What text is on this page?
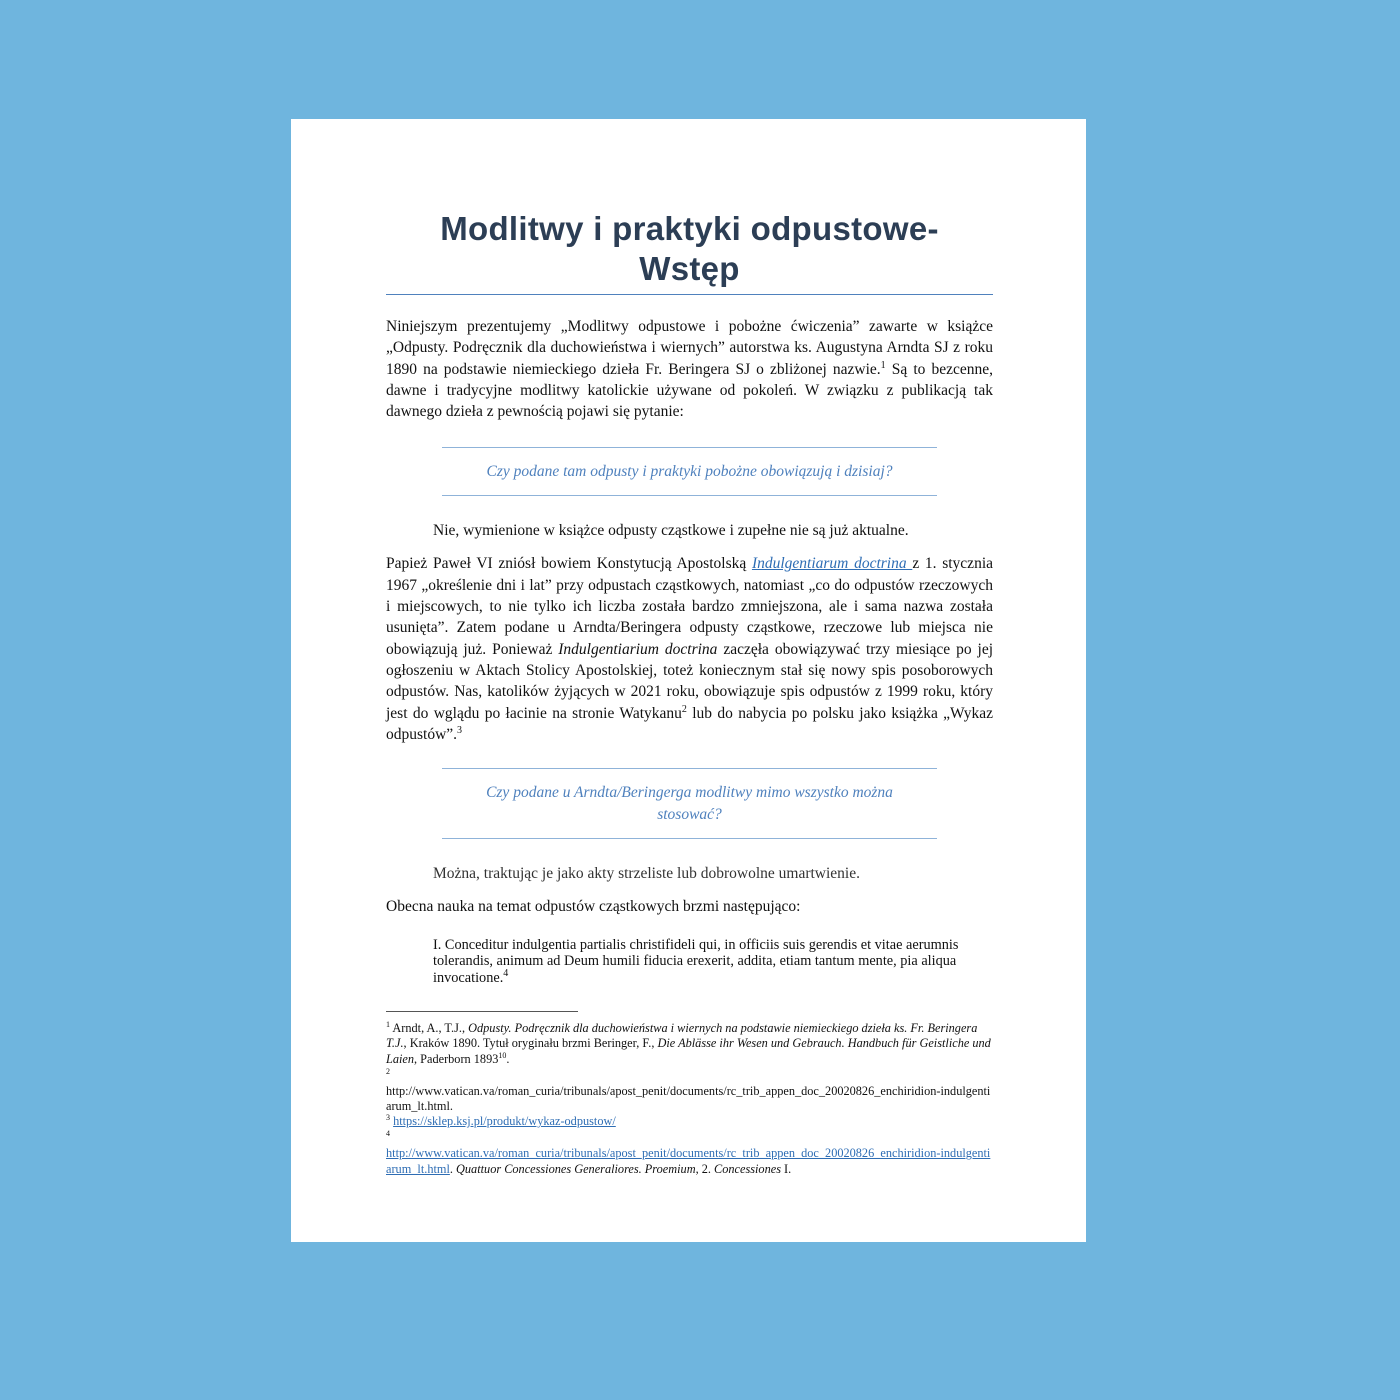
Modlitwy i praktyki odpustowe- Wstęp

Niniejszym prezentujemy „Modlitwy odpustowe i pobożne ćwiczenia” zawarte w książce „Odpusty. Podręcznik dla duchowieństwa i wiernych” autorstwa ks. Augustyna Arndta SJ z roku 1890 na podstawie niemieckiego dzieła Fr. Beringera SJ o zbliżonej nazwie.$^1$ Są to bezcenne, dawne i tradycyjne modlitwy katolickie używane od pokoleń. W związku z publikacją tak dawnego dzieła z pewnością pojawi się pytanie:

Czy podane tam odpusty i praktyki pobożne obowiązują i dzisiaj?

Nie, wymienione w książce odpusty cząstkowe i zupełne nie są już aktualne.

Papież Paweł VI zniósł bowiem Konstytucją Apostolską Indulgentiarum doctrina z 1. stycznia 1967 „określenie dni i lat” przy odpustach cząstkowych, natomiast „co do odpustów rzeczowych i miejscowych, to nie tylko ich liczba została bardzo zmniejszona, ale i sama nazwa została usunięta”. Zatem podane u Arndta/Beringera odpusty cząstkowe, rzeczowe lub miejsca nie obowiązują już. Ponieważ Indulgentiarium doctrina zaczęła obowiązywać trzy miesiące po jej ogłoszeniu w Aktach Stolicy Apostolskiej, toteż koniecznym stał się nowy spis posoborowych odpustów. Nas, katolików żyjących w 2021 roku, obowiązuje spis odpustów z 1999 roku, który jest do wglądu po łacinie na stronie Watykanu$^2$ lub do nabycia po polsku jako książka „Wykaz odpustów”.$^3$

Czy podane u Arndta/Beringerga modlitwy mimo wszystko można stosować?

Można, traktując je jako akty strzeliste lub dobrowolne umartwienie.

Obecna nauka na temat odpustów cząstkowych brzmi następująco:

I. Conceditur indulgentia partialis christifideli qui, in officiis suis gerendis et vitae aerumnis tolerandis, animum ad Deum humili fiducia erexerit, addita, etiam tantum mente, pia aliqua invocatione.$^4$

$^1$ Arndt, A., T.J., Odpusty. Podręcznik dla duchowieństwa i wiernych na podstawie niemieckiego dzieła ks. Fr. Beringera T.J., Kraków 1890. Tytuł oryginału brzmi Beringer, F., Die Ablässe ihr Wesen und Gebrauch. Handbuch für Geistliche und Laien, Paderborn 1893$^{10}$.

2
http://www.vatican.va/roman_curia/tribunals/apost_penit/documents/rc_trib_appen_doc_20020826_enchiridion-indulgentiarum_lt.html.

$^3$ https://sklep.ksj.pl/produkt/wykaz-odpustow/

4
http://www.vatican.va/roman_curia/tribunals/apost_penit/documents/rc_trib_appen_doc_20020826_enchiridion-indulgentiarum_lt.html. Quattuor Concessiones Generaliores. Proemium, 2. Concessiones I.
